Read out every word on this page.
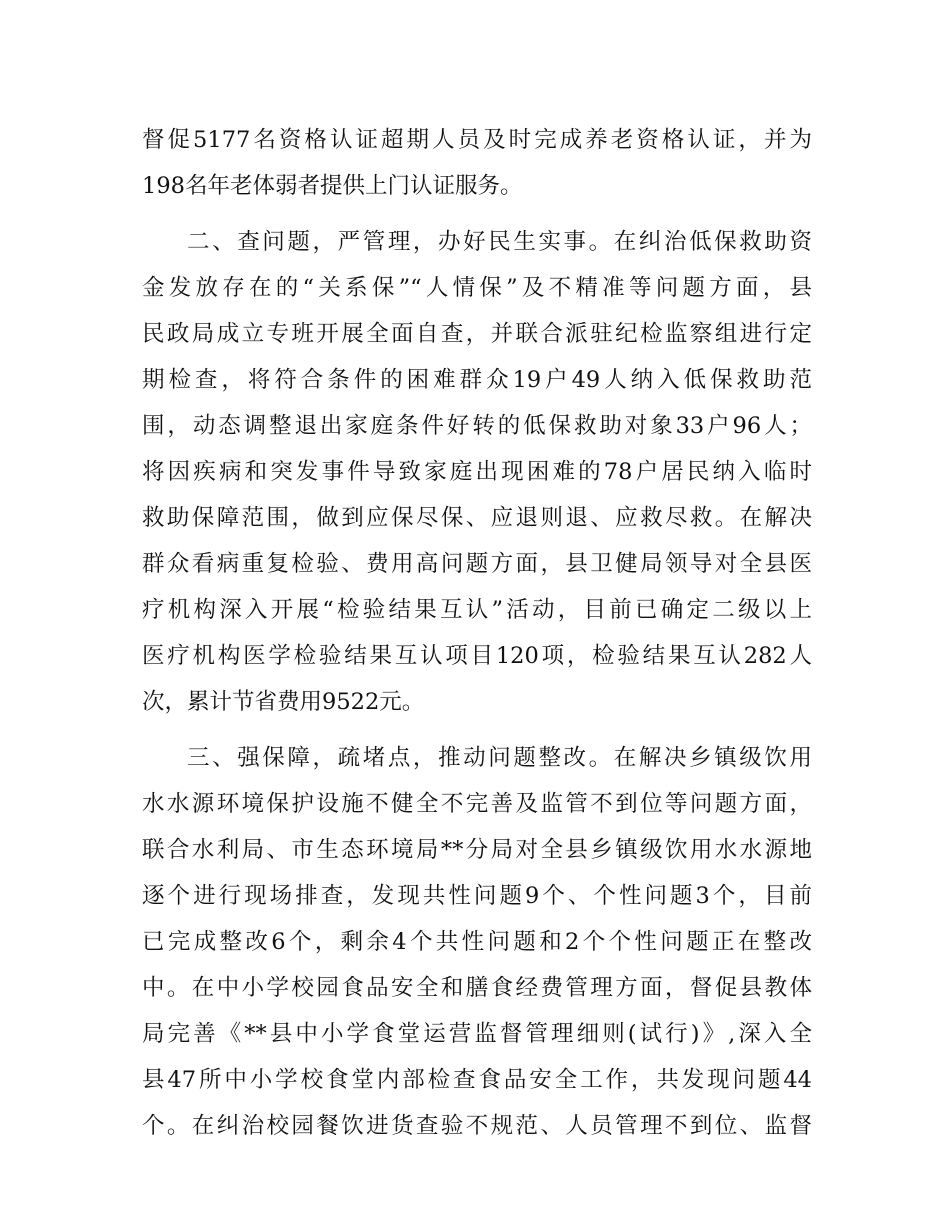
督促5177名资格认证超期人员及时完成养老资格认证，并为
198名年老体弱者提供上门认证服务。
二、查问题，严管理，办好民生实事。在纠治低保救助资
金发放存在的“关系保”“人情保”及不精准等问题方面，县
民政局成立专班开展全面自查，并联合派驻纪检监察组进行定
期检查，将符合条件的困难群众19户49人纳入低保救助范
围，动态调整退出家庭条件好转的低保救助对象33户96人；
将因疾病和突发事件导致家庭出现困难的78户居民纳入临时
救助保障范围，做到应保尽保、应退则退、应救尽救。在解决
群众看病重复检验、费用高问题方面，县卫健局领导对全县医
疗机构深入开展“检验结果互认”活动，目前已确定二级以上
医疗机构医学检验结果互认项目120项，检验结果互认282人
次，累计节省费用9522元。
三、强保障，疏堵点，推动问题整改。在解决乡镇级饮用
水水源环境保护设施不健全不完善及监管不到位等问题方面，
联合水利局、市生态环境局**分局对全县乡镇级饮用水水源地
逐个进行现场排查，发现共性问题9个、个性问题3个，目前
已完成整改6个，剩余4个共性问题和2个个性问题正在整改
中。在中小学校园食品安全和膳食经费管理方面，督促县教体
局完善《**县中小学食堂运营监督管理细则(试行)》,深入全
县47所中小学校食堂内部检查食品安全工作，共发现问题44
个。在纠治校园餐饮进货查验不规范、人员管理不到位、监督
